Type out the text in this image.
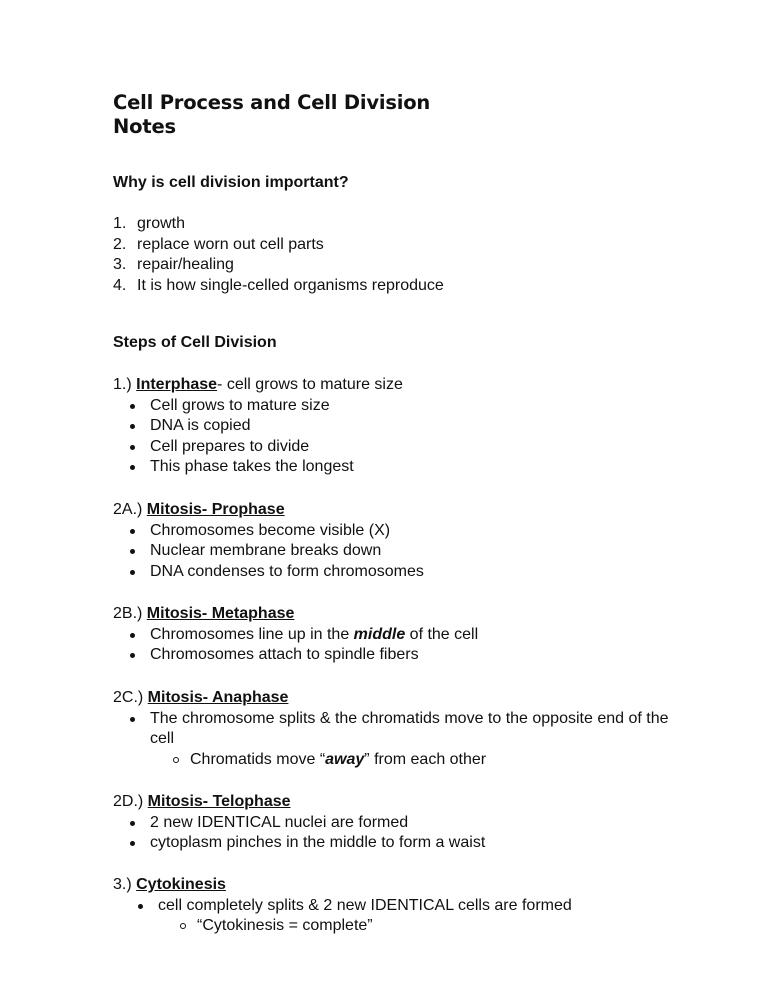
Cell Process and Cell Division
Notes
Why is cell division important?
1. growth
2. replace worn out cell parts
3. repair/healing
4. It is how single-celled organisms reproduce
Steps of Cell Division
1.) Interphase- cell grows to mature size
Cell grows to mature size
DNA is copied
Cell prepares to divide
This phase takes the longest
2A.) Mitosis- Prophase
Chromosomes become visible (X)
Nuclear membrane breaks down
DNA condenses to form chromosomes
2B.) Mitosis- Metaphase
Chromosomes line up in the middle of the cell
Chromosomes attach to spindle fibers
2C.) Mitosis- Anaphase
The chromosome splits & the chromatids move to the opposite end of the cell
Chromatids move “away” from each other
2D.) Mitosis- Telophase
2 new IDENTICAL nuclei are formed
cytoplasm pinches in the middle to form a waist
3.) Cytokinesis
cell completely splits & 2 new IDENTICAL cells are formed
“Cytokinesis = complete”
